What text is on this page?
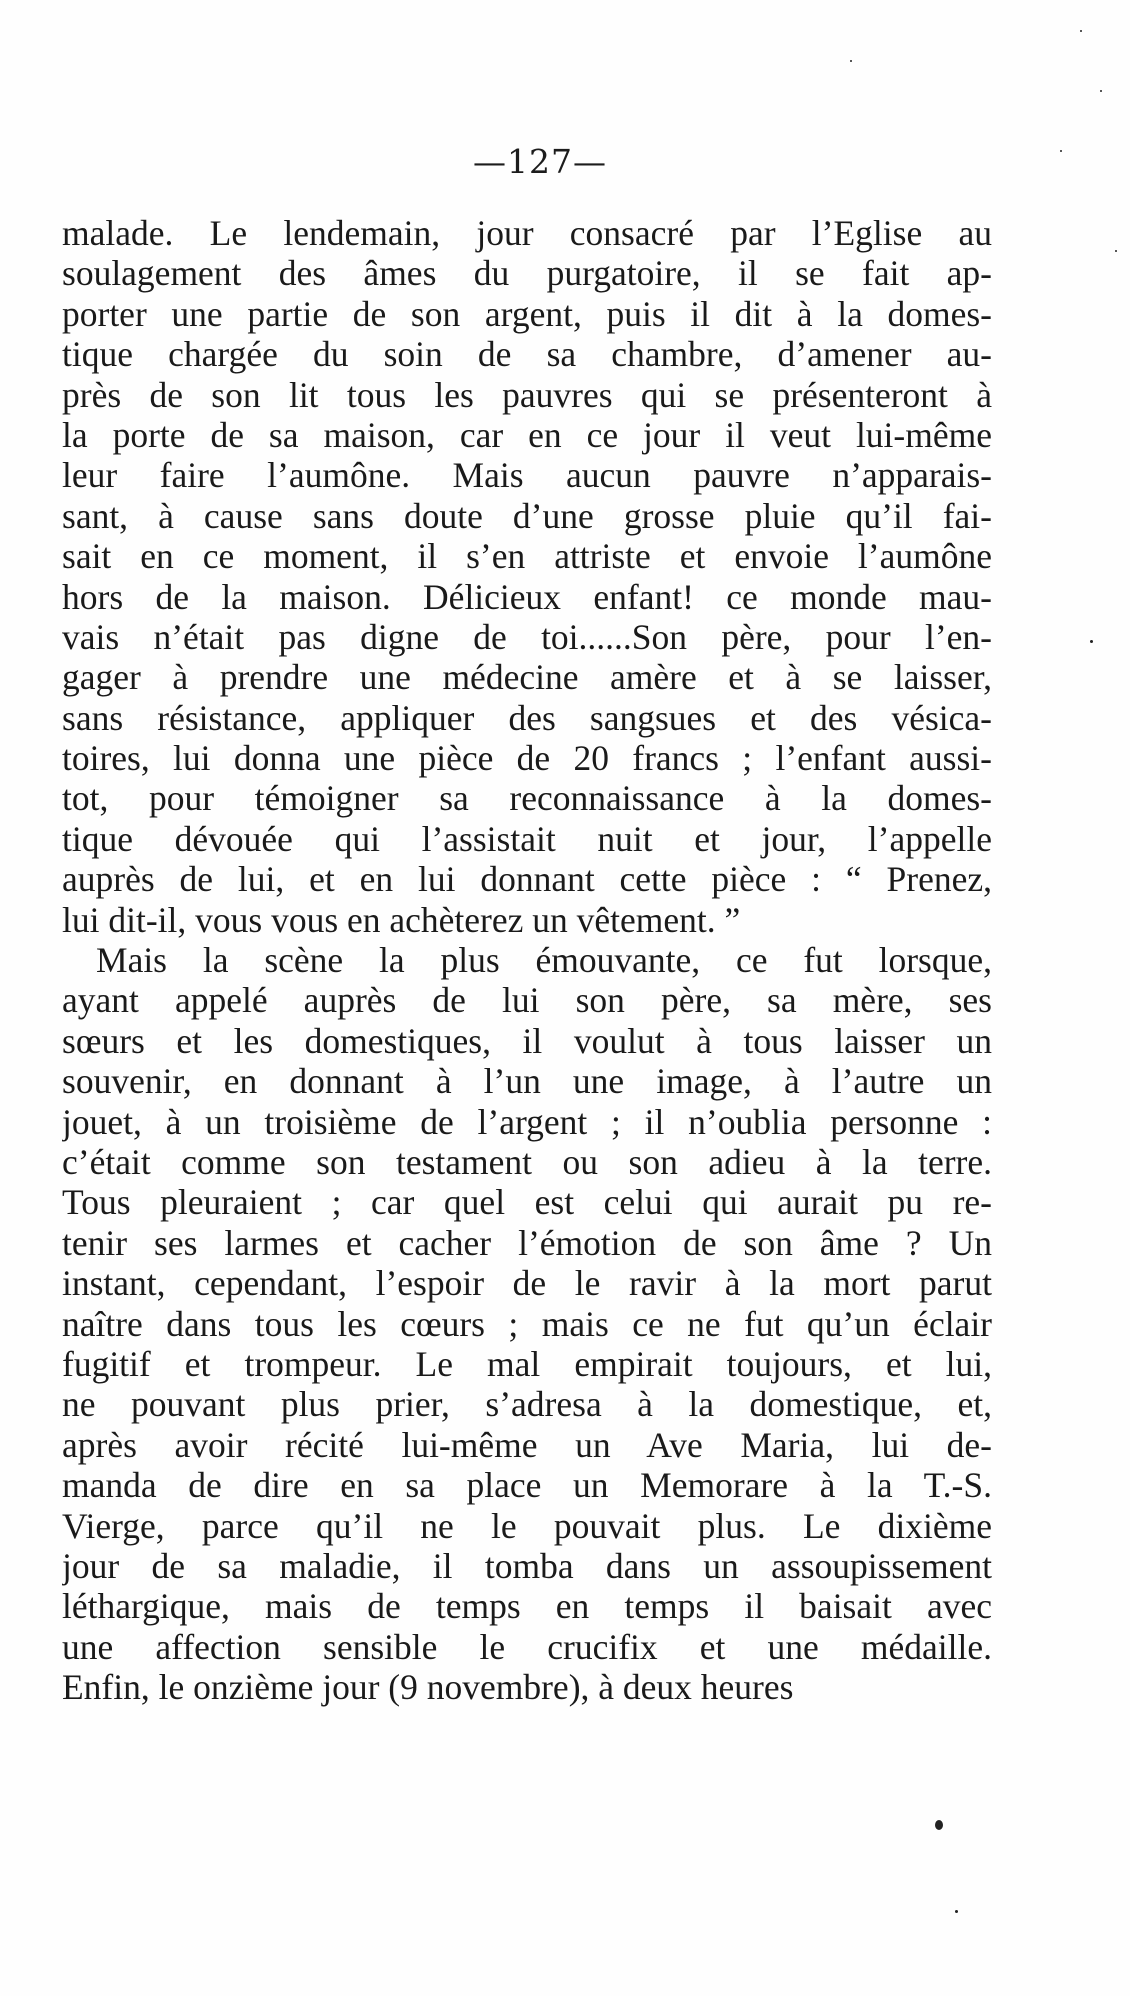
—127—
malade. Le lendemain, jour consacré par l’Eglise au
soulagement des âmes du purgatoire, il se fait ap-
porter une partie de son argent, puis il dit à la domes-
tique chargée du soin de sa chambre, d’amener au-
près de son lit tous les pauvres qui se présenteront à
la porte de sa maison, car en ce jour il veut lui-même
leur faire l’aumône. Mais aucun pauvre n’apparais-
sant, à cause sans doute d’une grosse pluie qu’il fai-
sait en ce moment, il s’en attriste et envoie l’aumône
hors de la maison. Délicieux enfant! ce monde mau-
vais n’était pas digne de toi......Son père, pour l’en-
gager à prendre une médecine amère et à se laisser,
sans résistance, appliquer des sangsues et des vésica-
toires, lui donna une pièce de 20 francs ; l’enfant aussi-
tot, pour témoigner sa reconnaissance à la domes-
tique dévouée qui l’assistait nuit et jour, l’appelle
auprès de lui, et en lui donnant cette pièce : “ Prenez,
lui dit-il, vous vous en achèterez un vêtement. ”
Mais la scène la plus émouvante, ce fut lorsque,
ayant appelé auprès de lui son père, sa mère, ses
sœurs et les domestiques, il voulut à tous laisser un
souvenir, en donnant à l’un une image, à l’autre un
jouet, à un troisième de l’argent ; il n’oublia personne :
c’était comme son testament ou son adieu à la terre.
Tous pleuraient ; car quel est celui qui aurait pu re-
tenir ses larmes et cacher l’émotion de son âme ? Un
instant, cependant, l’espoir de le ravir à la mort parut
naître dans tous les cœurs ; mais ce ne fut qu’un éclair
fugitif et trompeur. Le mal empirait toujours, et lui,
ne pouvant plus prier, s’adresa à la domestique, et,
après avoir récité lui-même un Ave Maria, lui de-
manda de dire en sa place un Memorare à la T.-S.
Vierge, parce qu’il ne le pouvait plus. Le dixième
jour de sa maladie, il tomba dans un assoupissement
léthargique, mais de temps en temps il baisait avec
une affection sensible le crucifix et une médaille.
Enfin, le onzième jour (9 novembre), à deux heures
